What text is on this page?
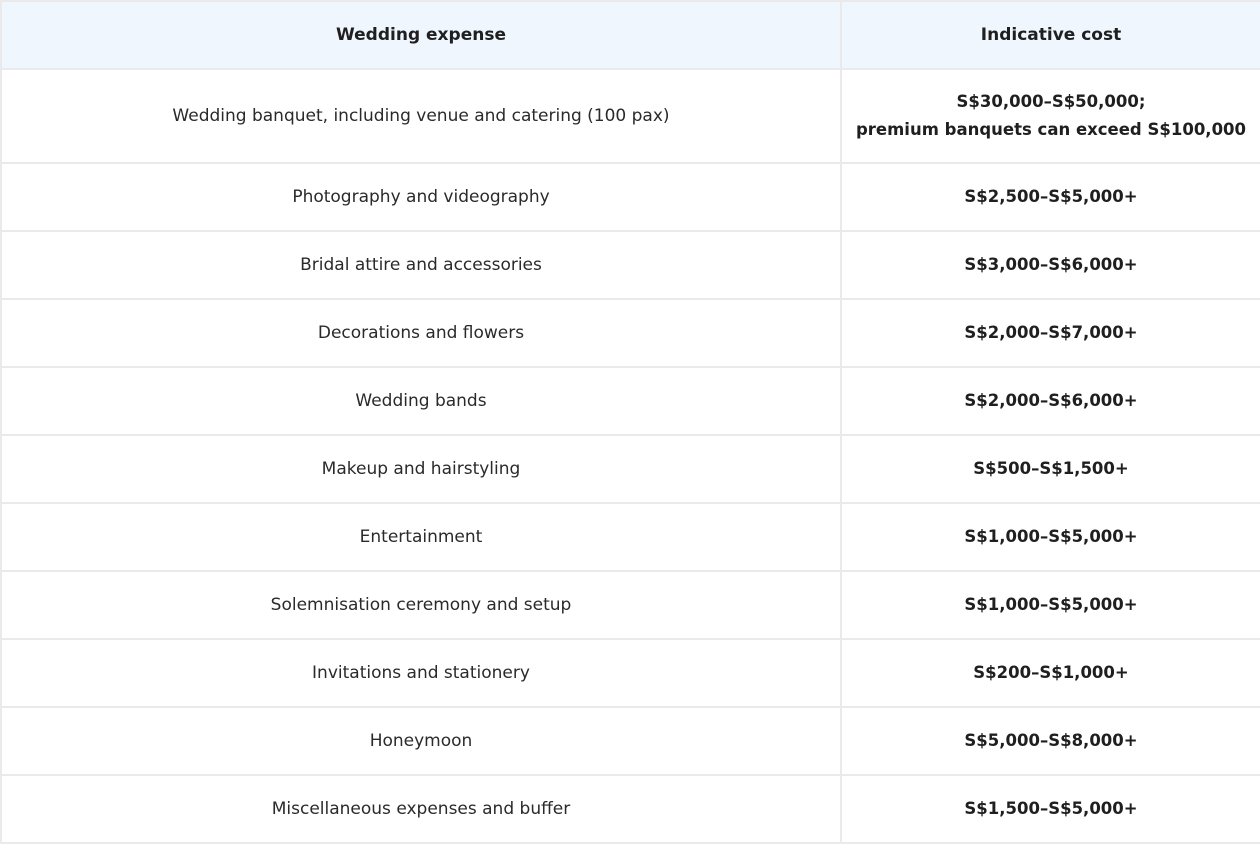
Wedding expense	Indicative cost
Wedding banquet, including venue and catering (100 pax)	S$30,000–S$50,000;
premium banquets can exceed S$100,000

Photography and videography	S$2,500–S$5,000+
Bridal attire and accessories	S$3,000–S$6,000+
Decorations and flowers	S$2,000–S$7,000+
Wedding bands	S$2,000–S$6,000+
Makeup and hairstyling	S$500–S$1,500+
Entertainment	S$1,000–S$5,000+
Solemnisation ceremony and setup	S$1,000–S$5,000+
Invitations and stationery	S$200–S$1,000+
Honeymoon	S$5,000–S$8,000+
Miscellaneous expenses and buffer	S$1,500–S$5,000+
